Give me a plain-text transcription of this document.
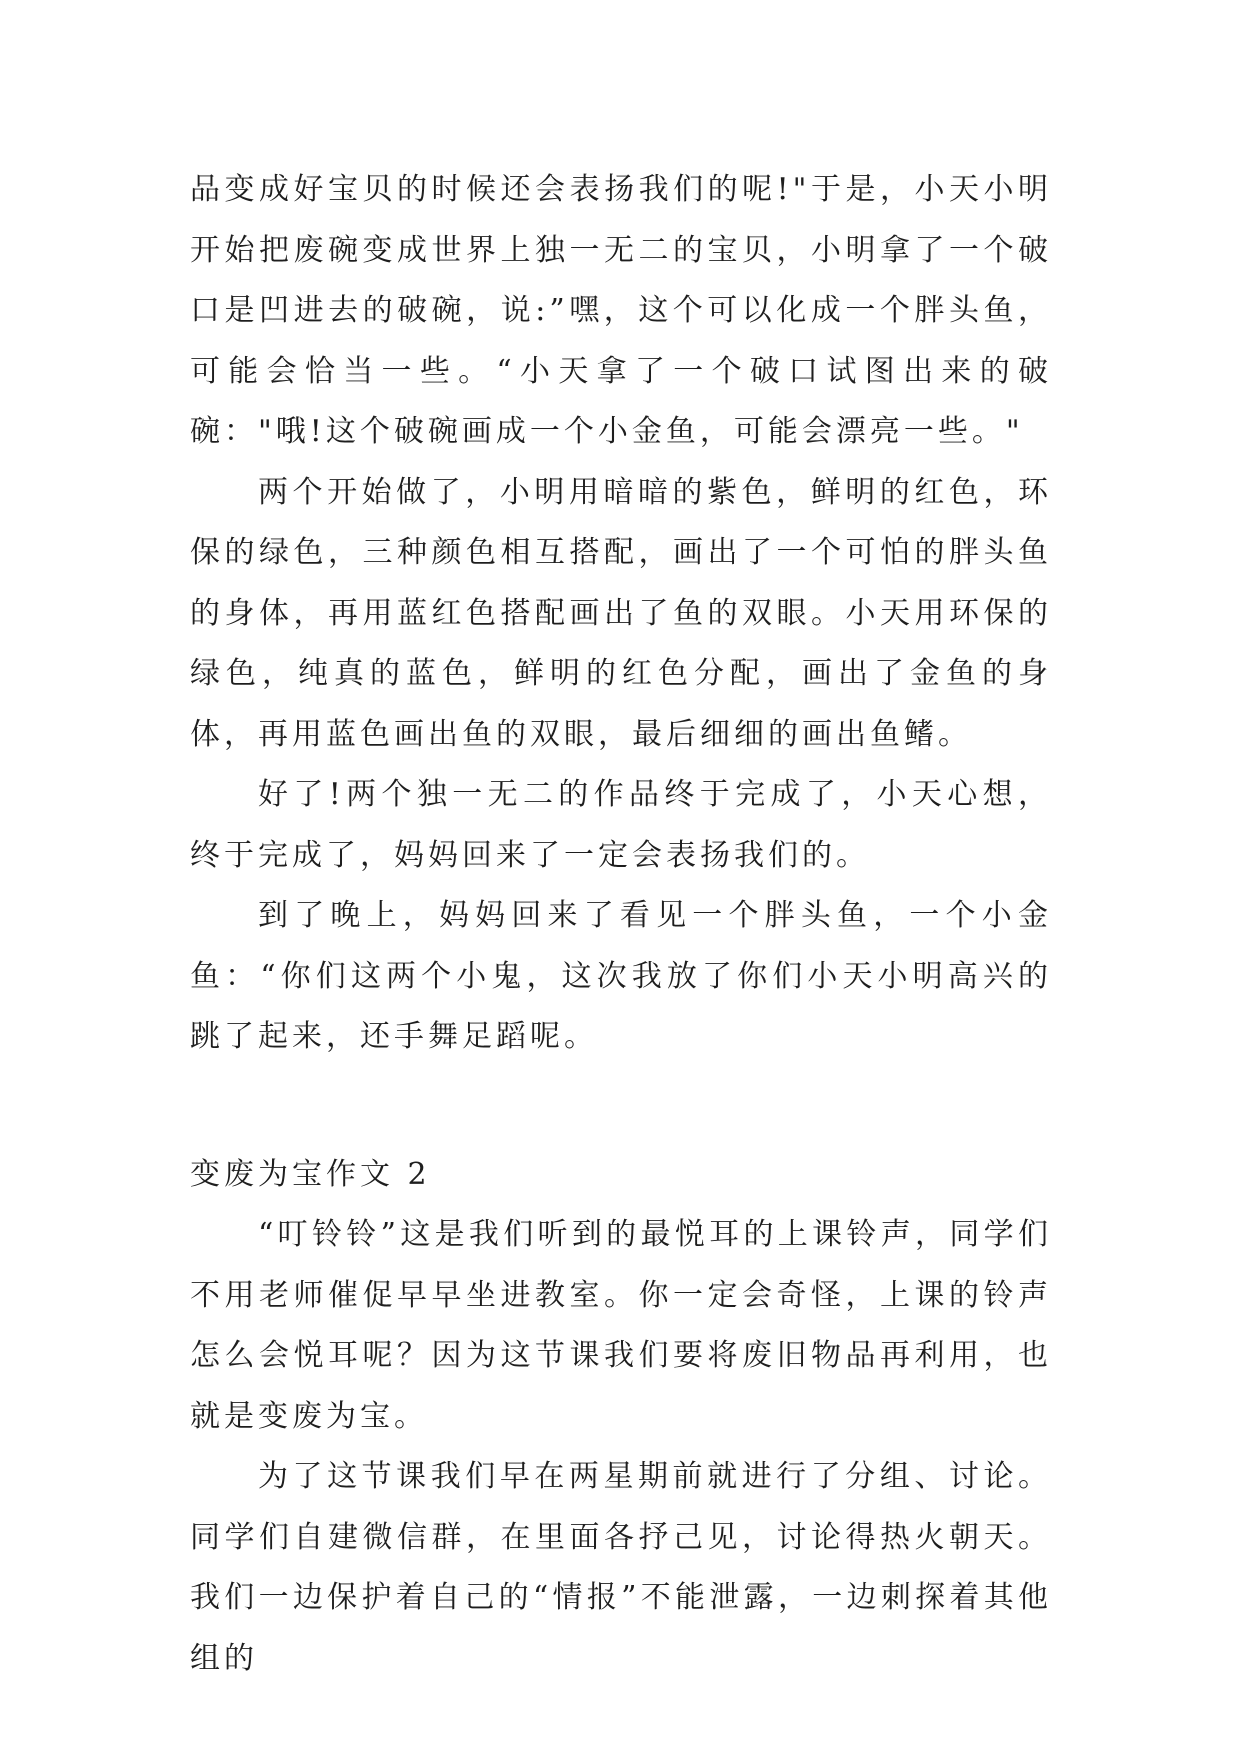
品变成好宝贝的时候还会表扬我们的呢!"于是，小天小明开始把废碗变成世界上独一无二的宝贝，小明拿了一个破口是凹进去的破碗，说:”嘿，这个可以化成一个胖头鱼，可能会恰当一些。“小天拿了一个破口试图出来的破碗："哦!这个破碗画成一个小金鱼，可能会漂亮一些。"

两个开始做了，小明用暗暗的紫色，鲜明的红色，环保的绿色，三种颜色相互搭配，画出了一个可怕的胖头鱼的身体，再用蓝红色搭配画出了鱼的双眼。小天用环保的绿色，纯真的蓝色，鲜明的红色分配，画出了金鱼的身体，再用蓝色画出鱼的双眼，最后细细的画出鱼鳍。

好了!两个独一无二的作品终于完成了，小天心想，终于完成了，妈妈回来了一定会表扬我们的。

到了晚上，妈妈回来了看见一个胖头鱼，一个小金鱼：“你们这两个小鬼，这次我放了你们小天小明高兴的跳了起来，还手舞足蹈呢。

变废为宝作文 2

“叮铃铃”这是我们听到的最悦耳的上课铃声，同学们不用老师催促早早坐进教室。你一定会奇怪，上课的铃声怎么会悦耳呢？因为这节课我们要将废旧物品再利用，也就是变废为宝。

为了这节课我们早在两星期前就进行了分组、讨论。同学们自建微信群，在里面各抒己见，讨论得热火朝天。我们一边保护着自己的“情报”不能泄露，一边刺探着其他组的
